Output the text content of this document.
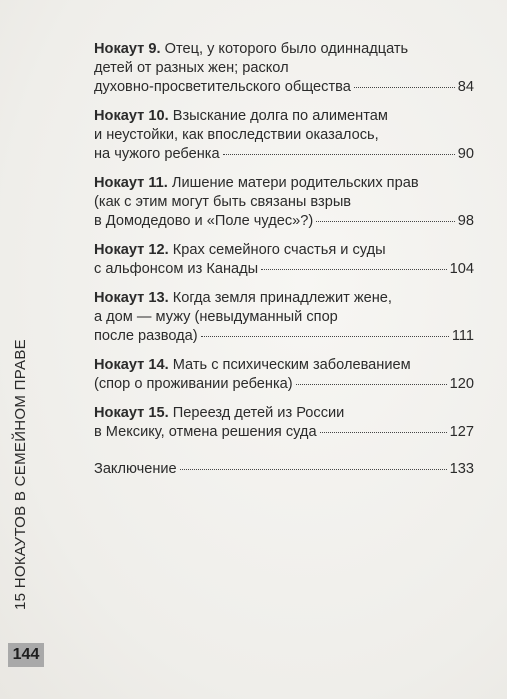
Нокаут 9. Отец, у которого было одиннадцать
детей от разных жен; раскол
духовно-просветительского общества	84
Нокаут 10. Взыскание долга по алиментам
и неустойки, как впоследствии оказалось,
на чужого ребенка	90
Нокаут 11. Лишение матери родительских прав
(как с этим могут быть связаны взрыв
в Домодедово и «Поле чудес»?)	98
Нокаут 12. Крах семейного счастья и суды
с альфонсом из Канады	104
Нокаут 13. Когда земля принадлежит жене,
а дом — мужу (невыдуманный спор
после развода)	111
Нокаут 14. Мать с психическим заболеванием
(спор о проживании ребенка)	120
Нокаут 15. Переезд детей из России
в Мексику, отмена решения суда	127
Заключение	133
15 НОКАУТОВ В СЕМЕЙНОМ ПРАВЕ
144
